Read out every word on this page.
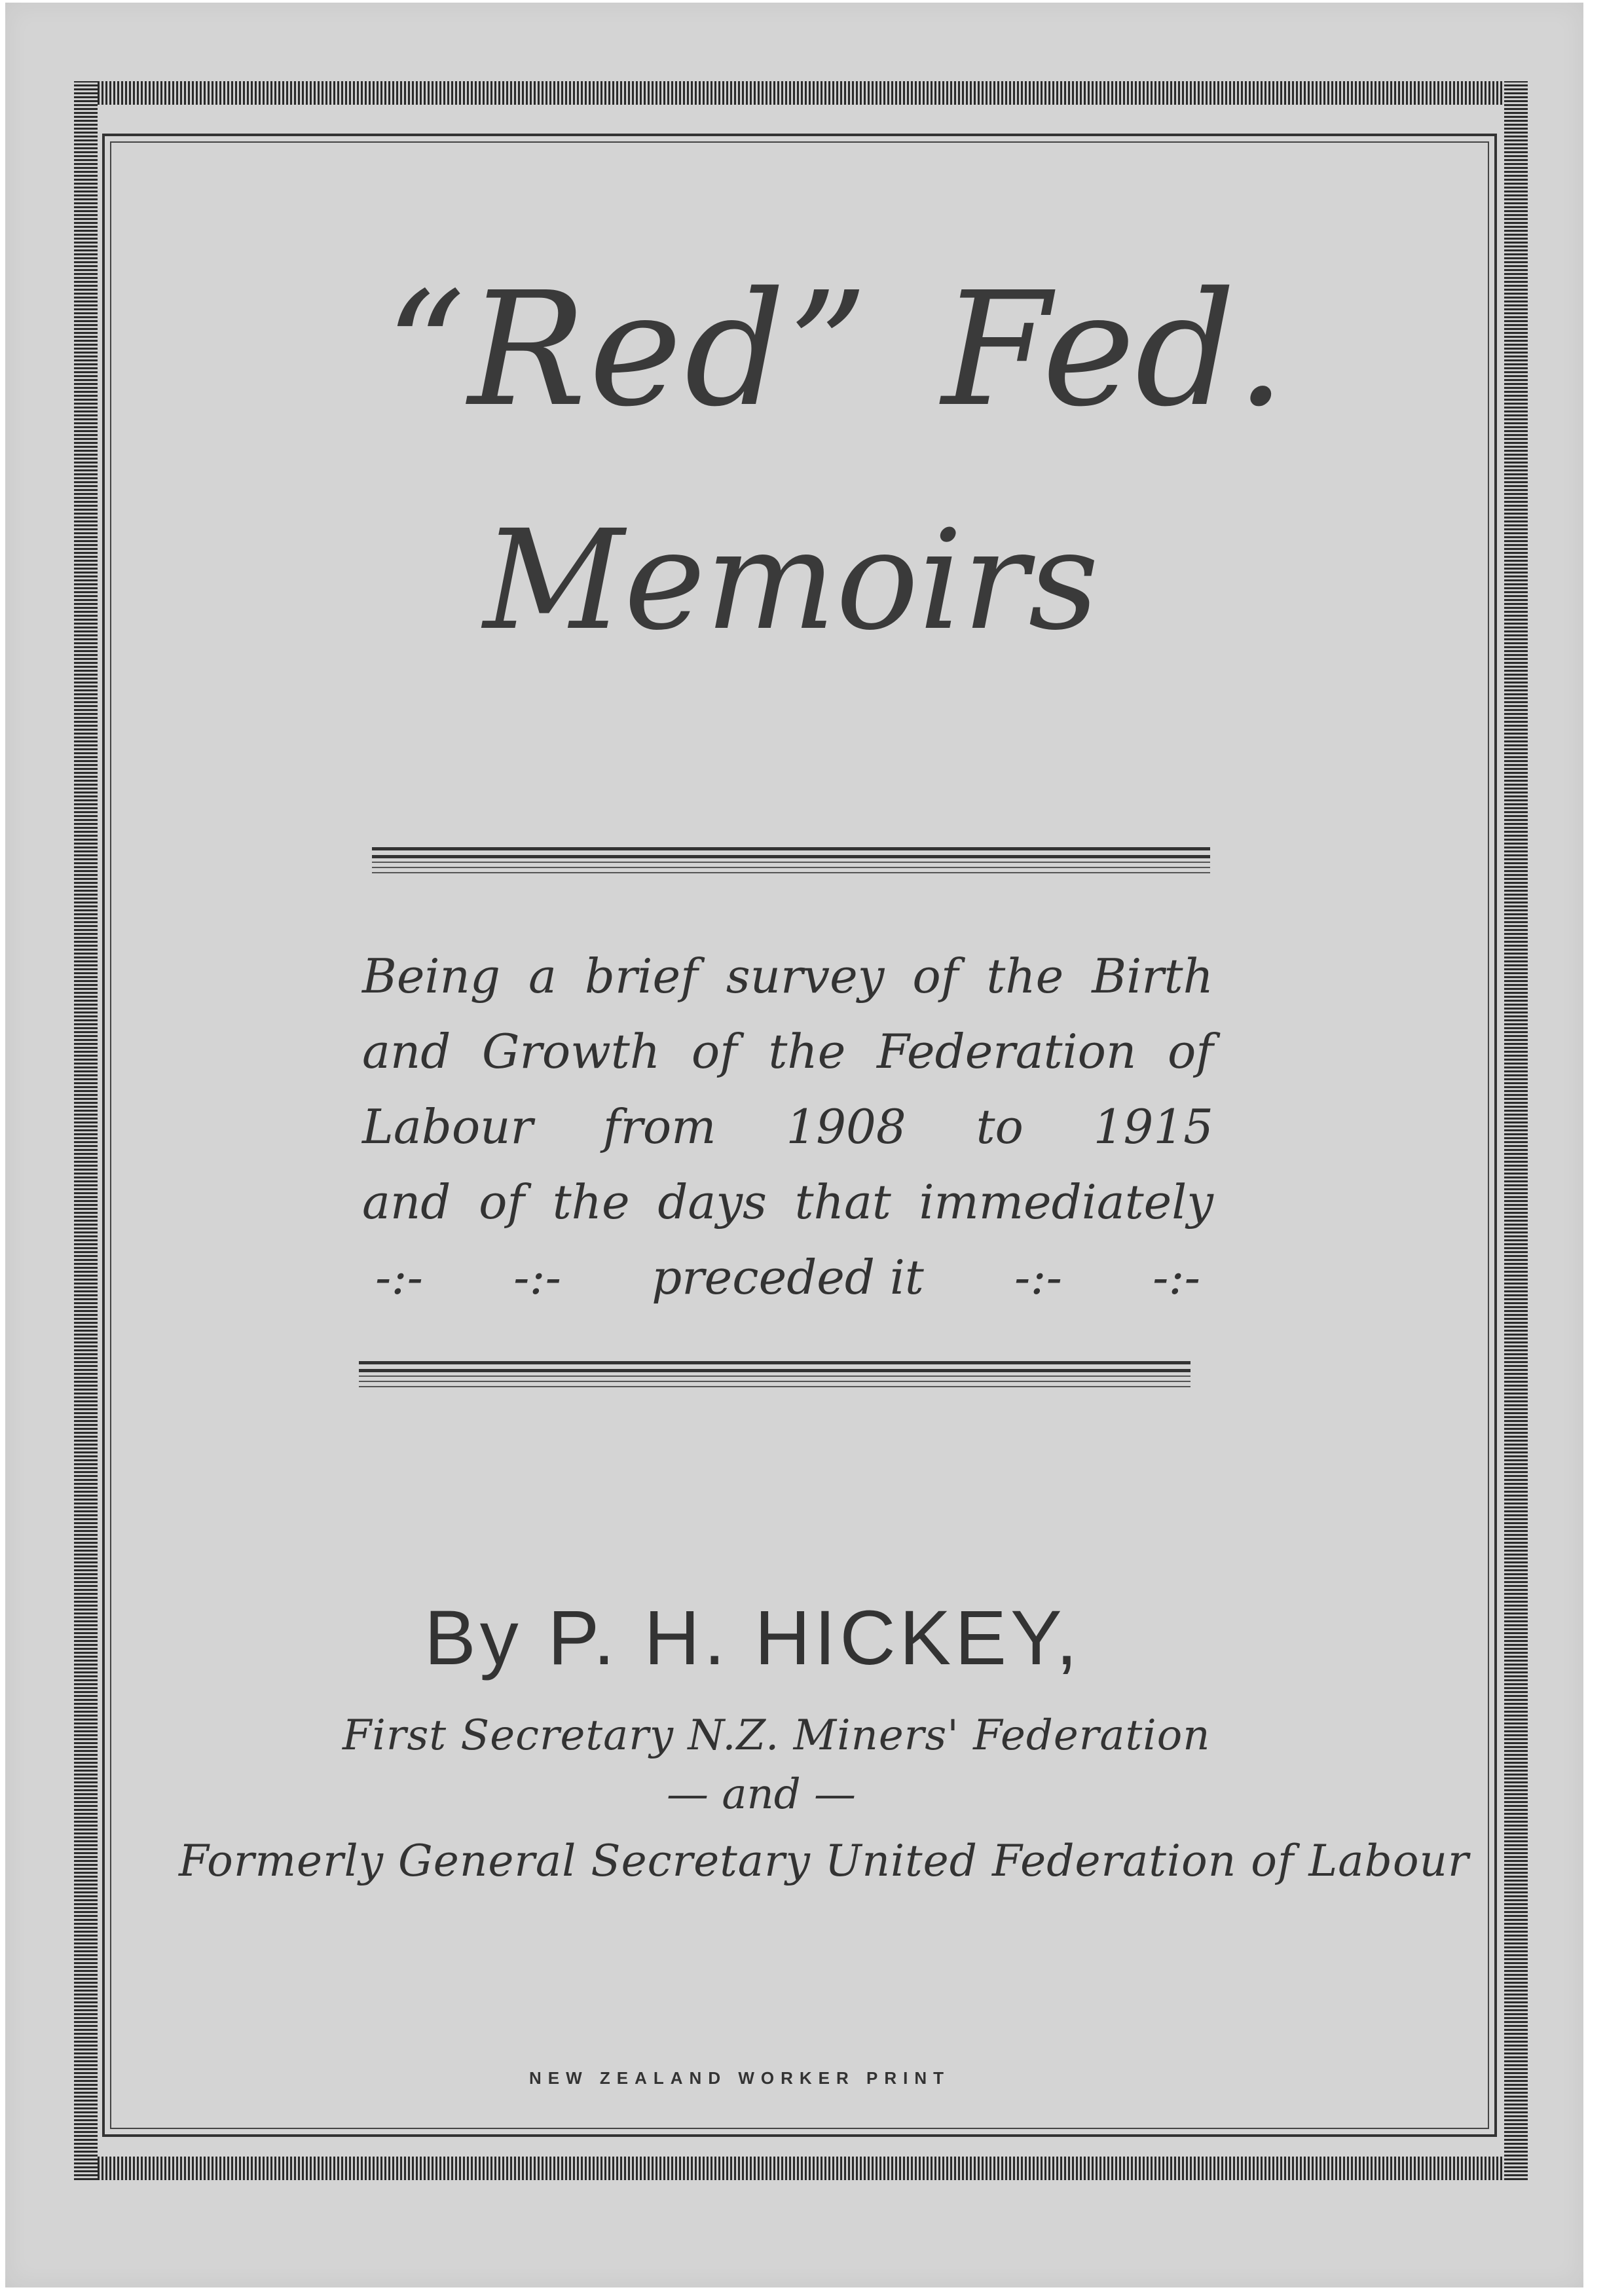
“Red” Fed.
Memoirs
Being a brief survey of the Birth
and Growth of the Federation of
Labour from 1908 to 1915
and of the days that immediately
-:- -:- preceded it -:- -:-
By P. H. HICKEY,
First Secretary N.Z. Miners' Federation
— and —
Formerly General Secretary United Federation of Labour
NEW ZEALAND WORKER PRINT
